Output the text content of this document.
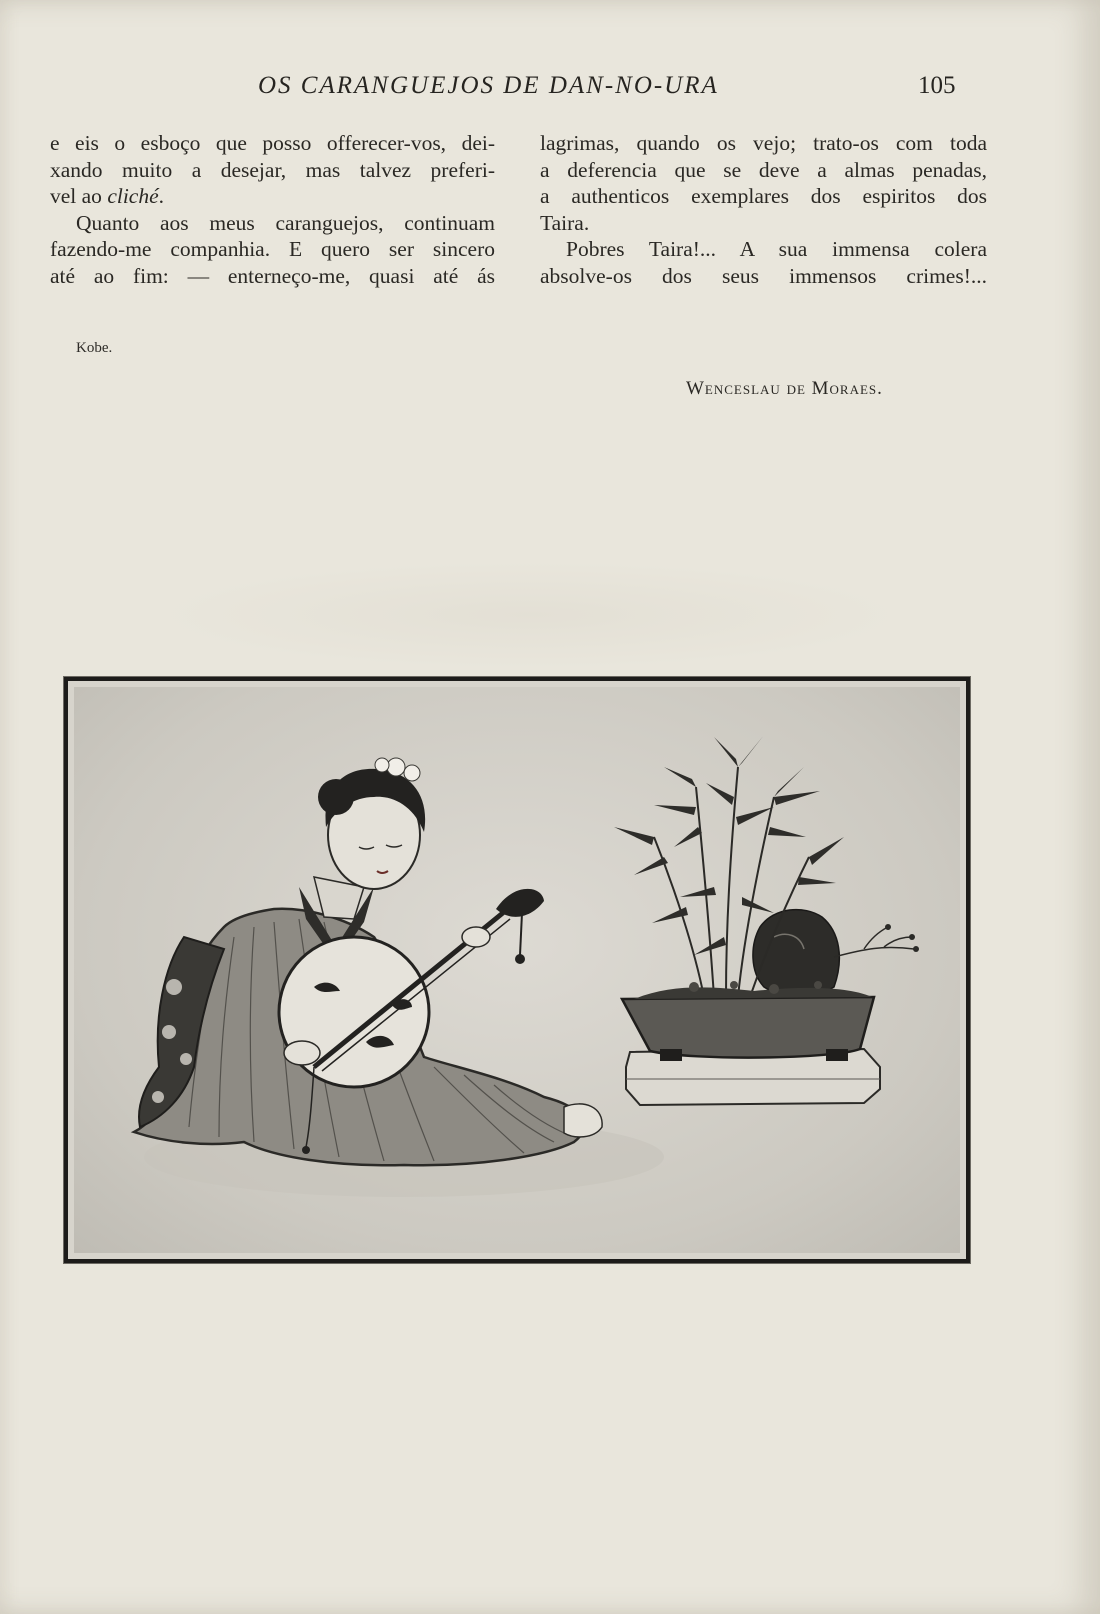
OS CARANGUEJOS DE DAN-NO-URA	105
e eis o esboço que posso offerecer-vos, dei-
xando muito a desejar, mas talvez preferi-
vel ao cliché.
Quanto aos meus caranguejos, continuam
fazendo-me companhia. E quero ser sincero
até ao fim: — enterneço-me, quasi até ás
lagrimas, quando os vejo; trato-os com toda
a deferencia que se deve a almas penadas,
a authenticos exemplares dos espiritos dos
Taira.
Pobres Taira!... A sua immensa colera
absolve-os dos seus immensos crimes!...
Kobe.
Wenceslau de Moraes.
